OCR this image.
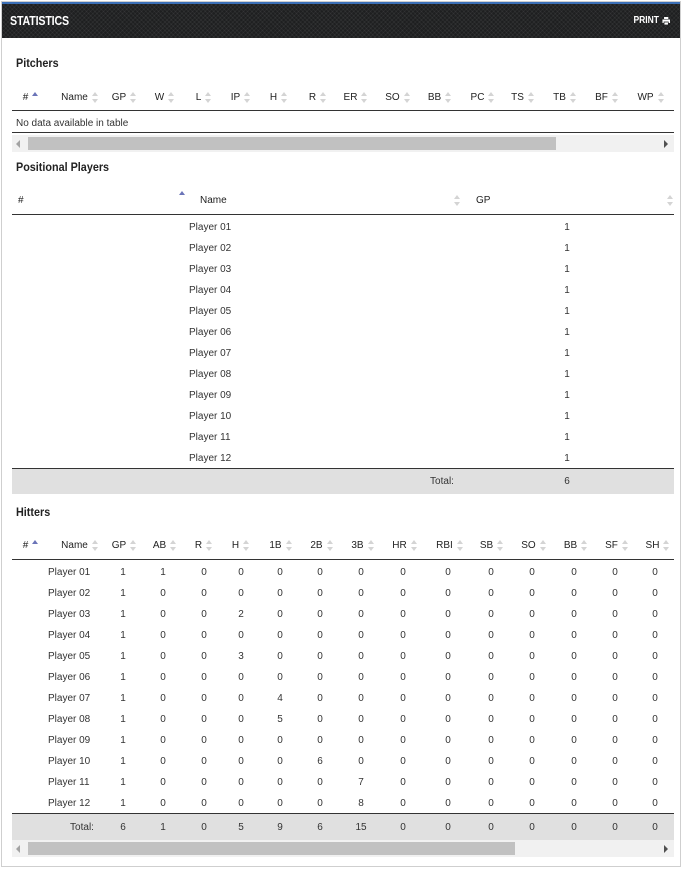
STATISTICS	PRINT
Pitchers
#	Name GP	W	L	IP	H	R	ER	SO	BB	PC	TS	TB	BF	WP
No data available in table
Positional Players
#	Name	GP
Player 01	1
Player 02	1
Player 03	1
Player 04	1
Player 05	1
Player 06	1
Player 07	1
Player 08	1
Player 09	1
Player 10	1
Player 11	1
Player 12	1
Total:	6
Hitters
#	Name GP	AB	R	H	1B	2B	3B	HR	RBI	SB	SO	BB	SF	SH
Player 01	1	1	0	0	0	0	0	0	0	0	0	0	0	0
Player 02	1	0	0	0	0	0	0	0	0	0	0	0	0	0
Player 03	1	0	0	2	0	0	0	0	0	0	0	0	0	0
Player 04	1	0	0	0	0	0	0	0	0	0	0	0	0	0
Player 05	1	0	0	3	0	0	0	0	0	0	0	0	0	0
Player 06	1	0	0	0	0	0	0	0	0	0	0	0	0	0
Player 07	1	0	0	0	4	0	0	0	0	0	0	0	0	0
Player 08	1	0	0	0	5	0	0	0	0	0	0	0	0	0
Player 09	1	0	0	0	0	0	0	0	0	0	0	0	0	0
Player 10	1	0	0	0	0	6	0	0	0	0	0	0	0	0
Player 11	1	0	0	0	0	0	7	0	0	0	0	0	0	0
Player 12	1	0	0	0	0	0	8	0	0	0	0	0	0	0
Total:	6	1	0	5	9	6	15	0	0	0	0	0	0	0
